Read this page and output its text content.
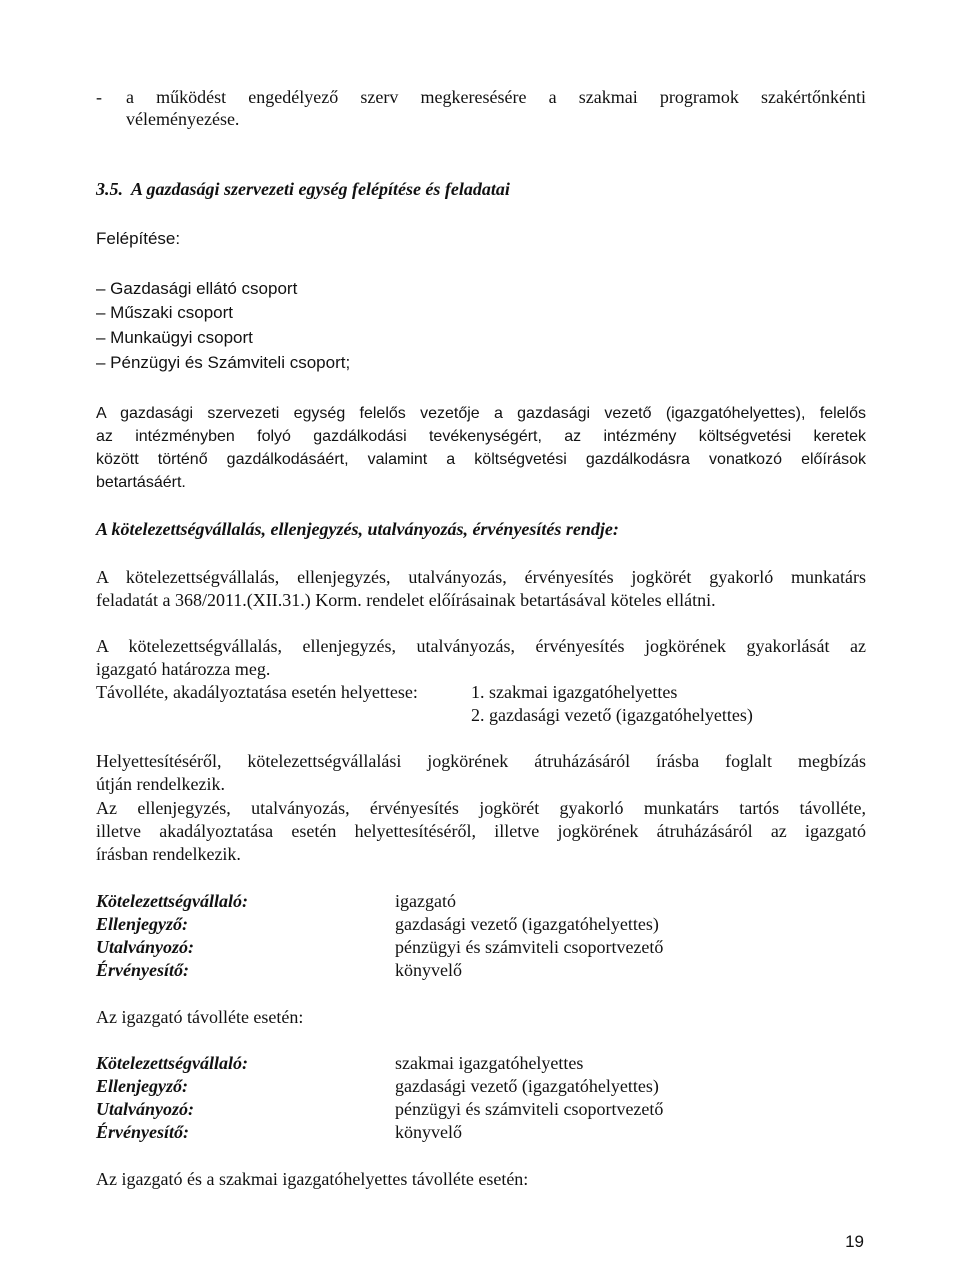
- a működést engedélyező szerv megkeresésére a szakmai programok szakértőnkénti
véleményezése.
3.5. A gazdasági szervezeti egység felépítése és feladatai
Felépítése:
– Gazdasági ellátó csoport
– Műszaki csoport
– Munkaügyi csoport
– Pénzügyi és Számviteli csoport;
A gazdasági szervezeti egység felelős vezetője a gazdasági vezető (igazgatóhelyettes), felelős
az intézményben folyó gazdálkodási tevékenységért, az intézmény költségvetési keretek
között történő gazdálkodásáért, valamint a költségvetési gazdálkodásra vonatkozó előírások
betartásáért.
A kötelezettségvállalás, ellenjegyzés, utalványozás, érvényesítés rendje:
A kötelezettségvállalás, ellenjegyzés, utalványozás, érvényesítés jogkörét gyakorló munkatárs
feladatát a 368/2011.(XII.31.) Korm. rendelet előírásainak betartásával köteles ellátni.
A kötelezettségvállalás, ellenjegyzés, utalványozás, érvényesítés jogkörének gyakorlását az
igazgató határozza meg.
Távolléte, akadályoztatása esetén helyettese:	1. szakmai igazgatóhelyettes
2. gazdasági vezető (igazgatóhelyettes)
Helyettesítéséről, kötelezettségvállalási jogkörének átruházásáról írásba foglalt megbízás
útján rendelkezik.
Az ellenjegyzés, utalványozás, érvényesítés jogkörét gyakorló munkatárs tartós távolléte,
illetve akadályoztatása esetén helyettesítéséről, illetve jogkörének átruházásáról az igazgató
írásban rendelkezik.
Kötelezettségvállaló:	igazgató
Ellenjegyző:	gazdasági vezető (igazgatóhelyettes)
Utalványozó:	pénzügyi és számviteli csoportvezető
Érvényesítő:	könyvelő
Az igazgató távolléte esetén:
Kötelezettségvállaló:	szakmai igazgatóhelyettes
Ellenjegyző:	gazdasági vezető (igazgatóhelyettes)
Utalványozó:	pénzügyi és számviteli csoportvezető
Érvényesítő:	könyvelő
Az igazgató és a szakmai igazgatóhelyettes távolléte esetén:
19
